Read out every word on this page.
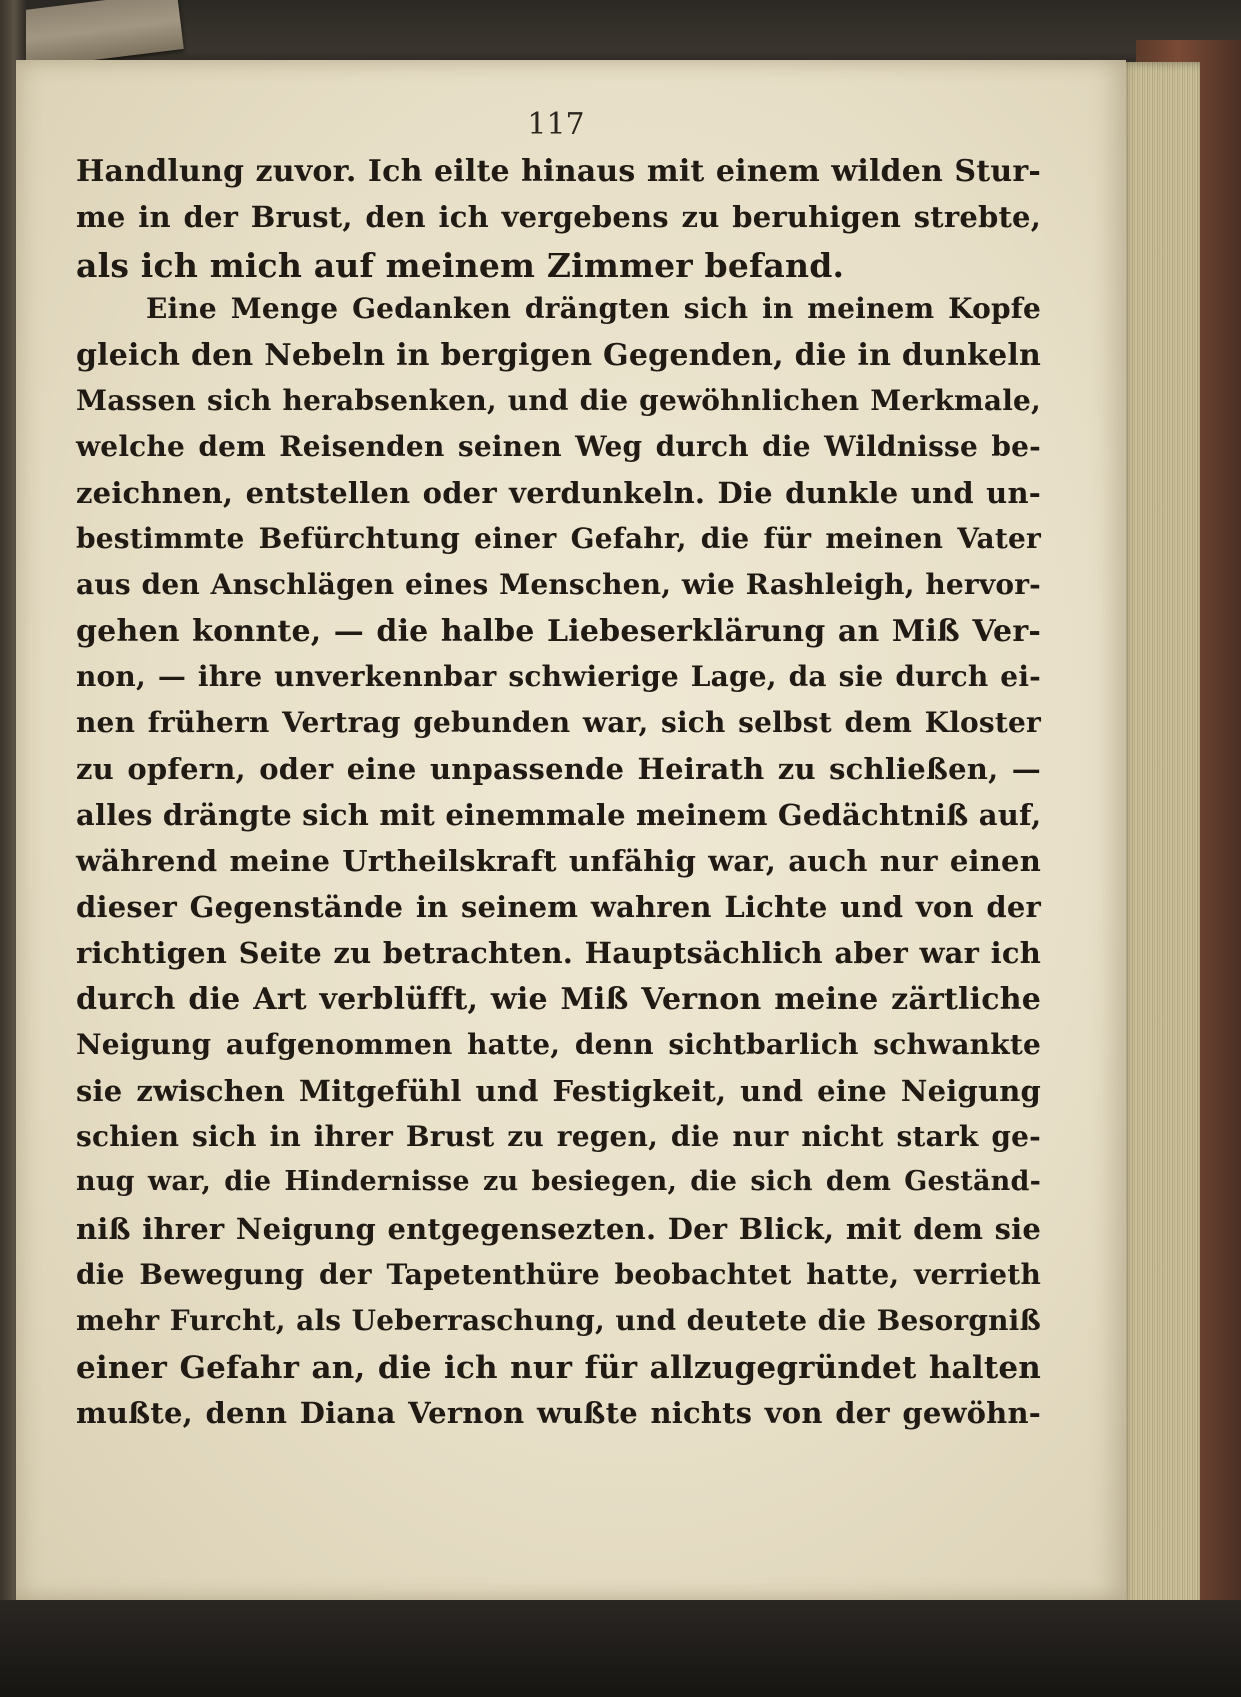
117
Handlung zuvor. Ich eilte hinaus mit einem wilden Stur-
me in der Brust, den ich vergebens zu beruhigen strebte,
als ich mich auf meinem Zimmer befand.
Eine Menge Gedanken drängten sich in meinem Kopfe
gleich den Nebeln in bergigen Gegenden, die in dunkeln
Massen sich herabsenken, und die gewöhnlichen Merkmale,
welche dem Reisenden seinen Weg durch die Wildnisse be-
zeichnen, entstellen oder verdunkeln. Die dunkle und un-
bestimmte Befürchtung einer Gefahr, die für meinen Vater
aus den Anschlägen eines Menschen, wie Rashleigh, hervor-
gehen konnte, — die halbe Liebeserklärung an Miß Ver-
non, — ihre unverkennbar schwierige Lage, da sie durch ei-
nen frühern Vertrag gebunden war, sich selbst dem Kloster
zu opfern, oder eine unpassende Heirath zu schließen, —
alles drängte sich mit einemmale meinem Gedächtniß auf,
während meine Urtheilskraft unfähig war, auch nur einen
dieser Gegenstände in seinem wahren Lichte und von der
richtigen Seite zu betrachten. Hauptsächlich aber war ich
durch die Art verblüfft, wie Miß Vernon meine zärtliche
Neigung aufgenommen hatte, denn sichtbarlich schwankte
sie zwischen Mitgefühl und Festigkeit, und eine Neigung
schien sich in ihrer Brust zu regen, die nur nicht stark ge-
nug war, die Hindernisse zu besiegen, die sich dem Geständ-
niß ihrer Neigung entgegensezten. Der Blick, mit dem sie
die Bewegung der Tapetenthüre beobachtet hatte, verrieth
mehr Furcht, als Ueberraschung, und deutete die Besorgniß
einer Gefahr an, die ich nur für allzugegründet halten
mußte, denn Diana Vernon wußte nichts von der gewöhn-
